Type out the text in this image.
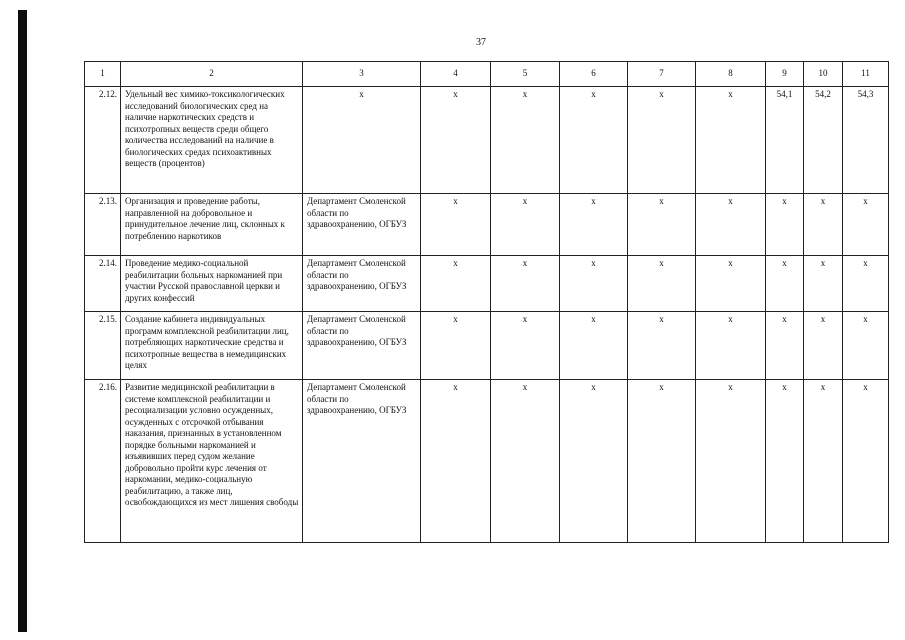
37
1	2	3	4	5	6	7	8	9	10	11
2.12.	Удельный вес химико-токсикологических исследований биологических сред на наличие наркотических средств и психотропных веществ среди общего количества исследований на наличие в биологических средах психоактивных веществ (процентов)	x	x	x	x	x	x	54,1	54,2	54,3
2.13.	Организация и проведение работы, направленной на добровольное и принудительное лечение лиц, склонных к потреблению наркотиков	Департамент Смоленской области по здравоохранению, ОГБУЗ	x	x	x	x	x	x	x	x
2.14.	Проведение медико-социальной реабилитации больных наркоманией при участии Русской православной церкви и других конфессий	Департамент Смоленской области по здравоохранению, ОГБУЗ	x	x	x	x	x	x	x	x
2.15.	Создание кабинета индивидуальных программ комплексной реабилитации лиц, потребляющих наркотические средства и психотропные вещества в немедицинских целях	Департамент Смоленской области по здравоохранению, ОГБУЗ	x	x	x	x	x	x	x	x
2.16.	Развитие медицинской реабилитации в системе комплексной реабилитации и ресоциализации условно осужденных, осужденных с отсрочкой отбывания наказания, признанных в установленном порядке больными наркоманией и изъявивших перед судом желание добровольно пройти курс лечения от наркомании, медико-социальную реабилитацию, а также лиц, освобождающихся из мест лишения свободы	Департамент Смоленской области по здравоохранению, ОГБУЗ	x	x	x	x	x	x	x	x
